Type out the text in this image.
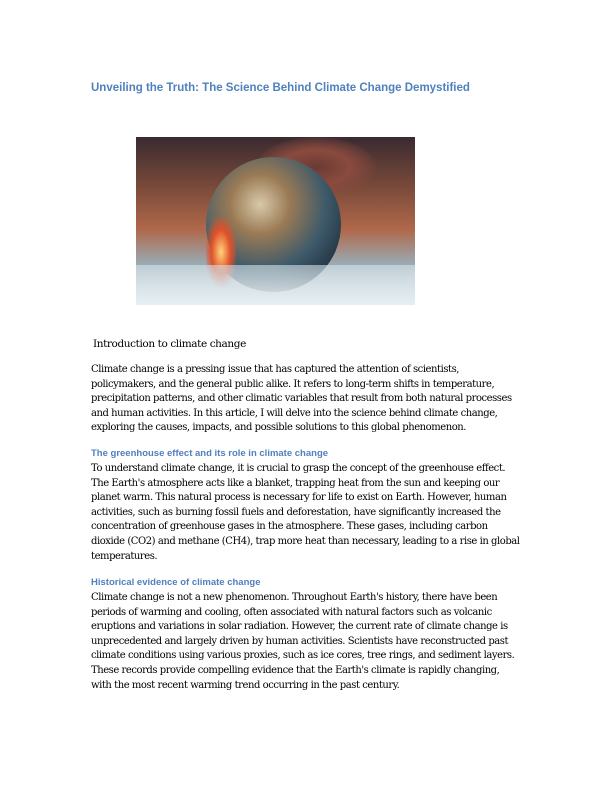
Unveiling the Truth: The Science Behind Climate Change Demystified
Introduction to climate change
Climate change is a pressing issue that has captured the attention of scientists,
policymakers, and the general public alike. It refers to long-term shifts in temperature,
precipitation patterns, and other climatic variables that result from both natural processes
and human activities. In this article, I will delve into the science behind climate change,
exploring the causes, impacts, and possible solutions to this global phenomenon.
The greenhouse effect and its role in climate change
To understand climate change, it is crucial to grasp the concept of the greenhouse effect.
The Earth's atmosphere acts like a blanket, trapping heat from the sun and keeping our
planet warm. This natural process is necessary for life to exist on Earth. However, human
activities, such as burning fossil fuels and deforestation, have significantly increased the
concentration of greenhouse gases in the atmosphere. These gases, including carbon
dioxide (CO2) and methane (CH4), trap more heat than necessary, leading to a rise in global
temperatures.
Historical evidence of climate change
Climate change is not a new phenomenon. Throughout Earth's history, there have been
periods of warming and cooling, often associated with natural factors such as volcanic
eruptions and variations in solar radiation. However, the current rate of climate change is
unprecedented and largely driven by human activities. Scientists have reconstructed past
climate conditions using various proxies, such as ice cores, tree rings, and sediment layers.
These records provide compelling evidence that the Earth's climate is rapidly changing,
with the most recent warming trend occurring in the past century.
